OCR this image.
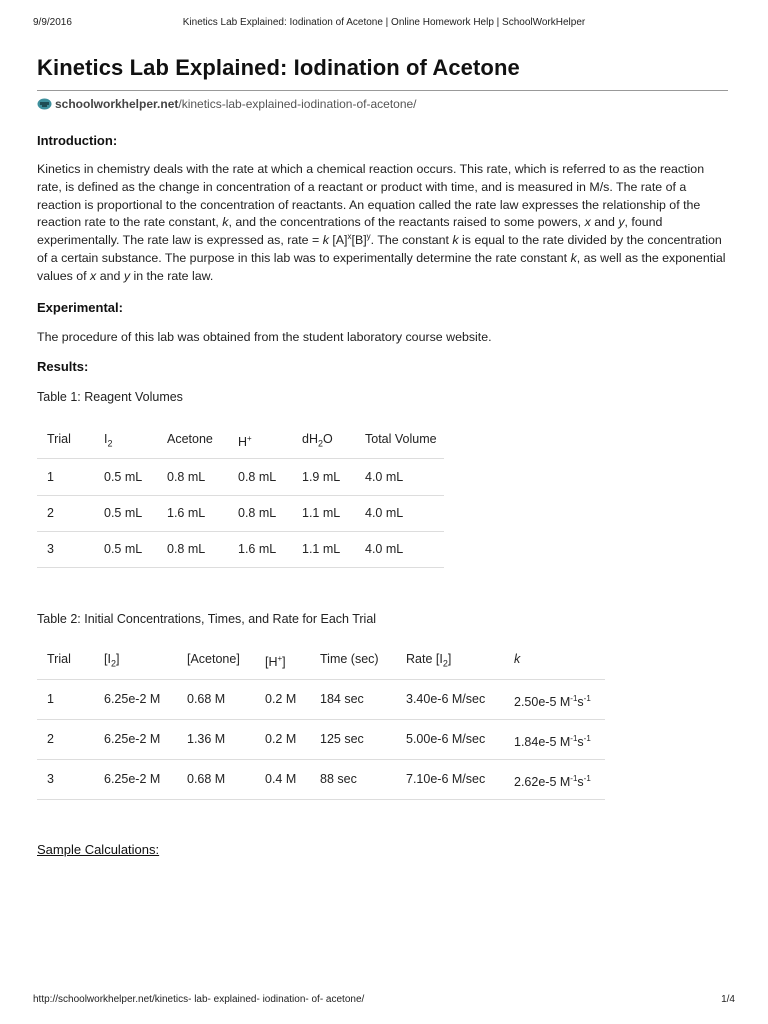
9/9/2016	Kinetics Lab Explained: Iodination of Acetone | Online Homework Help | SchoolWorkHelper
Kinetics Lab Explained: Iodination of Acetone
schoolworkhelper.net /kinetics-lab-explained-iodination-of-acetone/
Introduction:

Kinetics in chemistry deals with the rate at which a chemical reaction occurs. This rate, which is referred to as the reaction rate, is defined as the change in concentration of a reactant or product with time, and is measured in M/s. The rate of a reaction is proportional to the concentration of reactants. An equation called the rate law expresses the relationship of the reaction rate to the rate constant, k, and the concentrations of the reactants raised to some powers, x and y, found experimentally. The rate law is expressed as, rate = k $[A]^x[B]^y$. The constant k is equal to the rate divided by the concentration of a certain substance. The purpose in this lab was to experimentally determine the rate constant k, as well as the exponential values of x and y in the rate law.

Experimental:

The procedure of this lab was obtained from the student laboratory course website.

Results:
Table 1: Reagent Volumes
Trial	$I_2$	Acetone	H+	$dH_2O$	Total Volume
1	0.5 mL	0.8 mL	0.8 mL	1.9 mL	4.0 mL
2	0.5 mL	1.6 mL	0.8 mL	1.1 mL	4.0 mL
3	0.5 mL	0.8 mL	1.6 mL	1.1 mL	4.0 mL
Table 2: Initial Concentrations, Times, and Rate for Each Trial
Trial	$[I_2]$	[Acetone]	[H+]	Time (sec)	Rate $[I_2]$	k
1	6.25e-2 M	0.68 M	0.2 M	184 sec	3.40e-6 M/sec	2.50e-5 $M^{-1}s^{-1}$
2	6.25e-2 M	1.36 M	0.2 M	125 sec	5.00e-6 M/sec	1.84e-5 $M^{-1}s^{-1}$
3	6.25e-2 M	0.68 M	0.4 M	88 sec	7.10e-6 M/sec	2.62e-5 $M^{-1}s^{-1}$
Sample Calculations:
http://schoolworkhelper.net/kinetics- lab- explained- iodination- of- acetone/	1/4
